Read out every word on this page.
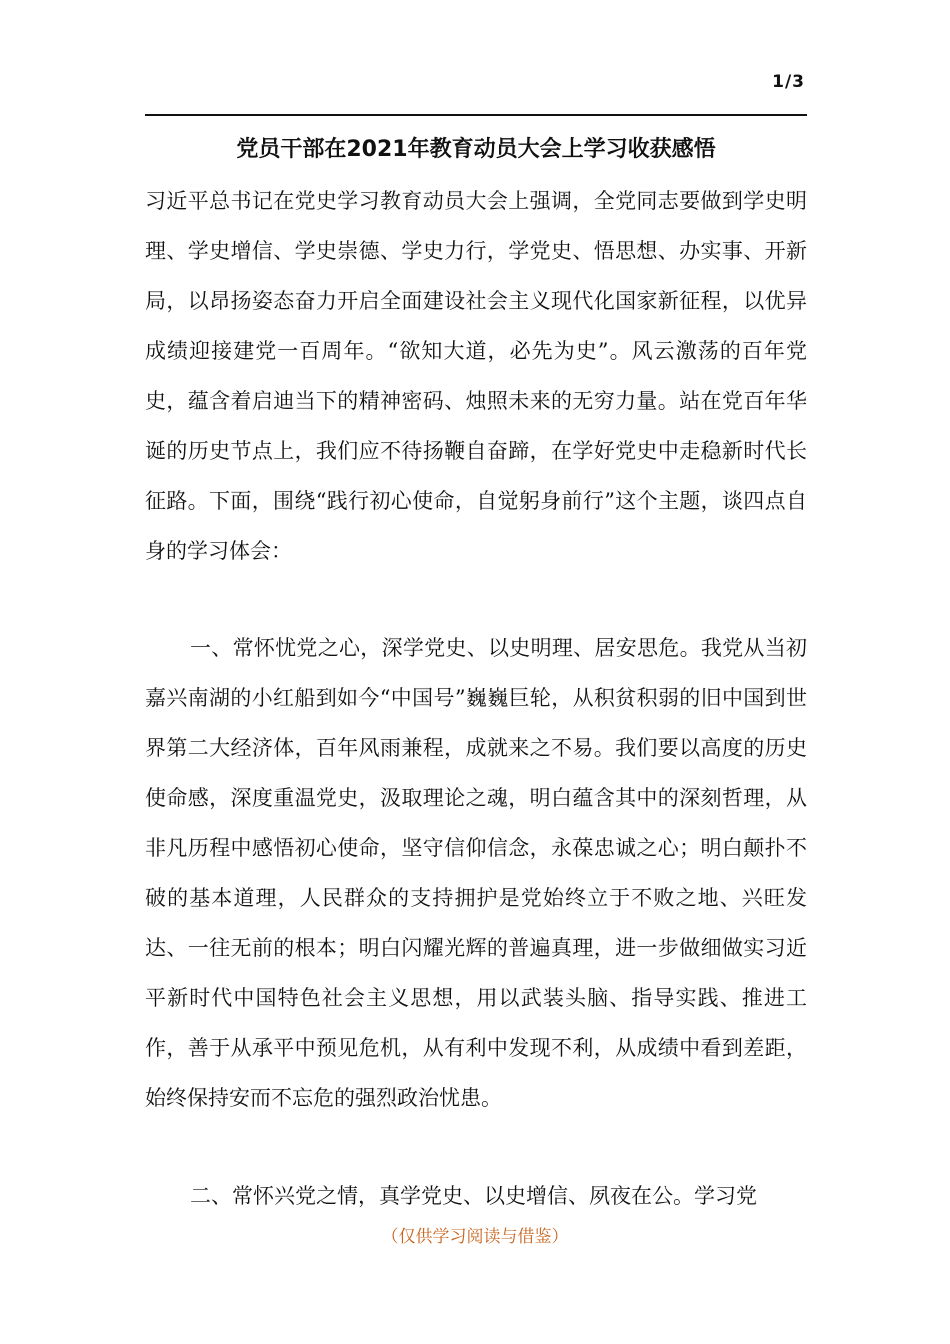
1/3
党员干部在2021年教育动员大会上学习收获感悟

习近平总书记在党史学习教育动员大会上强调，全党同志要做到学史明理、学史增信、学史崇德、学史力行，学党史、悟思想、办实事、开新局，以昂扬姿态奋力开启全面建设社会主义现代化国家新征程，以优异成绩迎接建党一百周年。“欲知大道，必先为史”。风云激荡的百年党史，蕴含着启迪当下的精神密码、烛照未来的无穷力量。站在党百年华诞的历史节点上，我们应不待扬鞭自奋蹄，在学好党史中走稳新时代长征路。下面，围绕“践行初心使命，自觉躬身前行”这个主题，谈四点自身的学习体会：

一、常怀忧党之心，深学党史、以史明理、居安思危。我党从当初嘉兴南湖的小红船到如今“中国号”巍巍巨轮，从积贫积弱的旧中国到世界第二大经济体，百年风雨兼程，成就来之不易。我们要以高度的历史使命感，深度重温党史，汲取理论之魂，明白蕴含其中的深刻哲理，从非凡历程中感悟初心使命，坚守信仰信念，永葆忠诚之心；明白颠扑不破的基本道理，人民群众的支持拥护是党始终立于不败之地、兴旺发达、一往无前的根本；明白闪耀光辉的普遍真理，进一步做细做实习近平新时代中国特色社会主义思想，用以武装头脑、指导实践、推进工作，善于从承平中预见危机，从有利中发现不利，从成绩中看到差距，始终保持安而不忘危的强烈政治忧患。

二、常怀兴党之情，真学党史、以史增信、夙夜在公。学习党

（仅供学习阅读与借鉴）
